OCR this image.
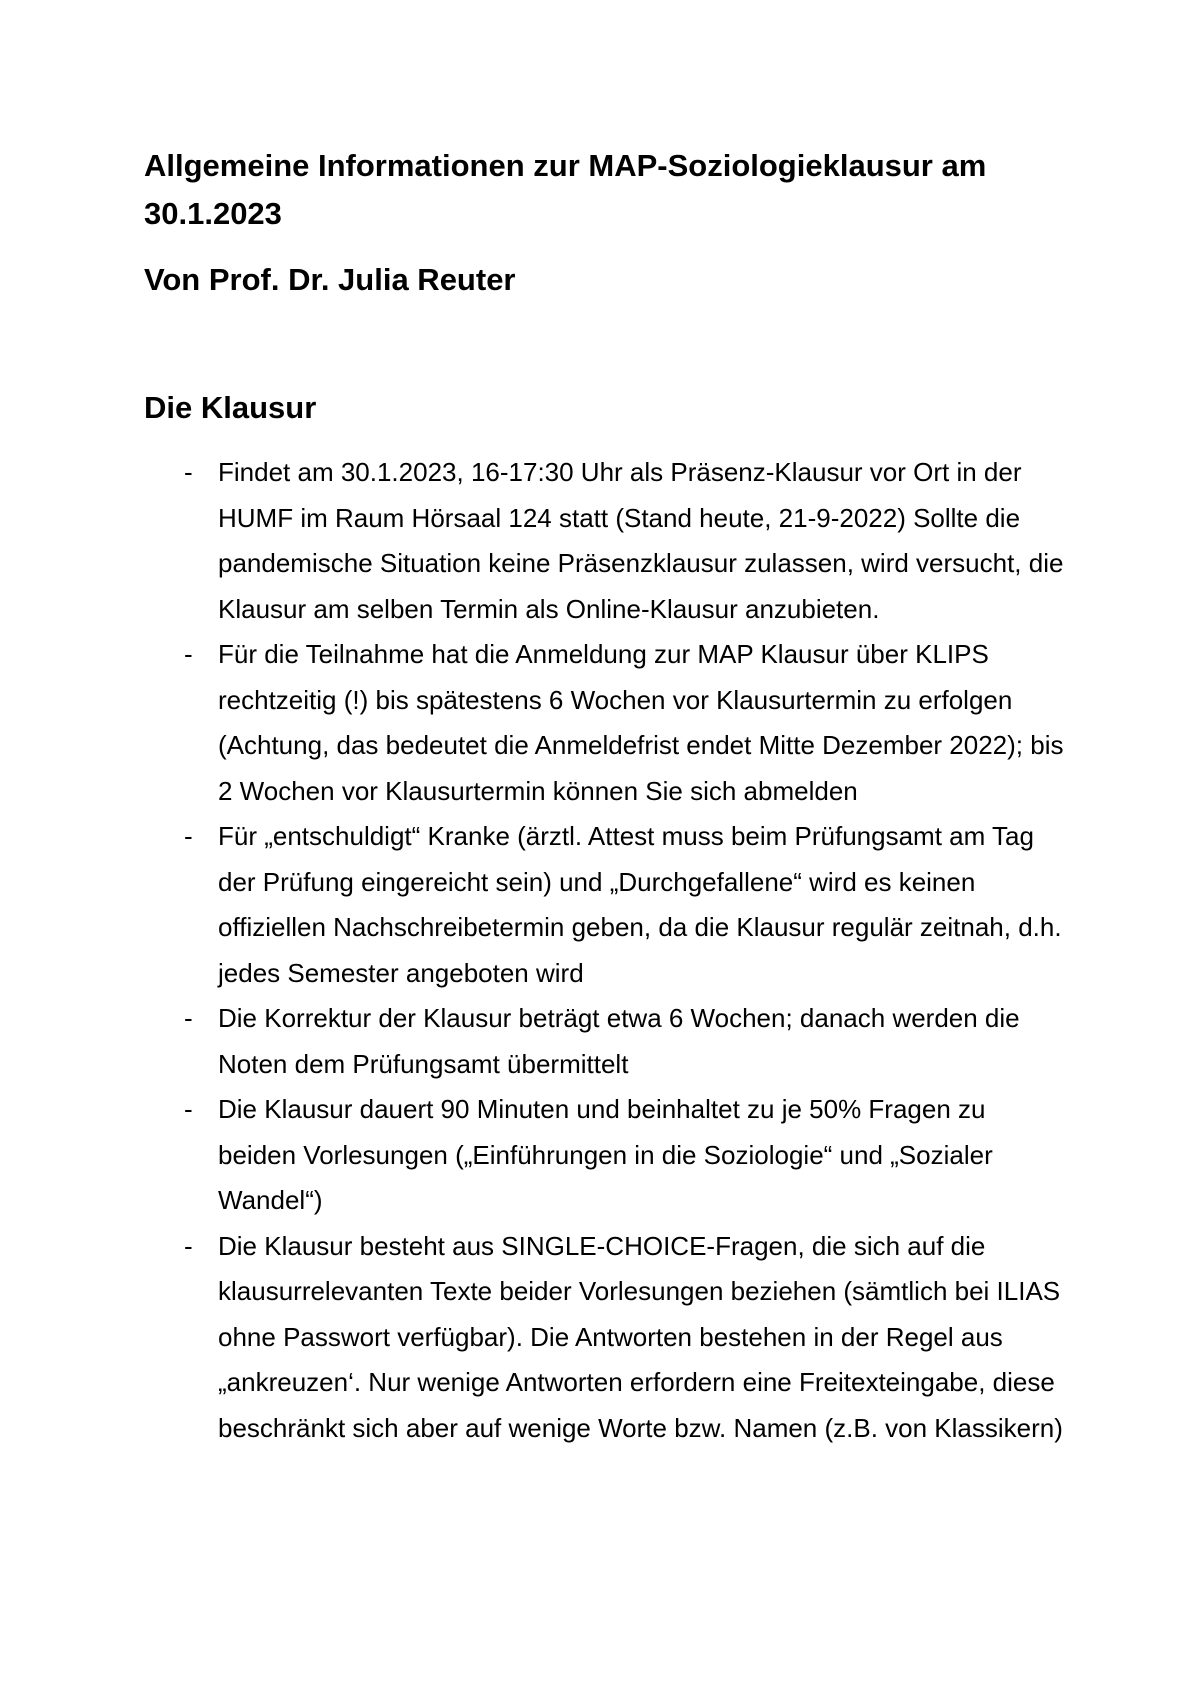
Allgemeine Informationen zur MAP-Soziologieklausur am 30.1.2023
Von Prof. Dr. Julia Reuter
Die Klausur
- Findet am 30.1.2023, 16-17:30 Uhr als Präsenz-Klausur vor Ort in der HUMF im Raum Hörsaal 124 statt (Stand heute, 21-9-2022) Sollte die pandemische Situation keine Präsenzklausur zulassen, wird versucht, die Klausur am selben Termin als Online-Klausur anzubieten.
- Für die Teilnahme hat die Anmeldung zur MAP Klausur über KLIPS rechtzeitig (!) bis spätestens 6 Wochen vor Klausurtermin zu erfolgen (Achtung, das bedeutet die Anmeldefrist endet Mitte Dezember 2022); bis 2 Wochen vor Klausurtermin können Sie sich abmelden
- Für „entschuldigt“ Kranke (ärztl. Attest muss beim Prüfungsamt am Tag der Prüfung eingereicht sein) und „Durchgefallene“ wird es keinen offiziellen Nachschreibetermin geben, da die Klausur regulär zeitnah, d.h. jedes Semester angeboten wird
- Die Korrektur der Klausur beträgt etwa 6 Wochen; danach werden die Noten dem Prüfungsamt übermittelt
- Die Klausur dauert 90 Minuten und beinhaltet zu je 50% Fragen zu beiden Vorlesungen („Einführungen in die Soziologie“ und „Sozialer Wandel“)
- Die Klausur besteht aus SINGLE-CHOICE-Fragen, die sich auf die klausurrelevanten Texte beider Vorlesungen beziehen (sämtlich bei ILIAS ohne Passwort verfügbar). Die Antworten bestehen in der Regel aus „ankreuzen‘. Nur wenige Antworten erfordern eine Freitexteingabe, diese beschränkt sich aber auf wenige Worte bzw. Namen (z.B. von Klassikern)
